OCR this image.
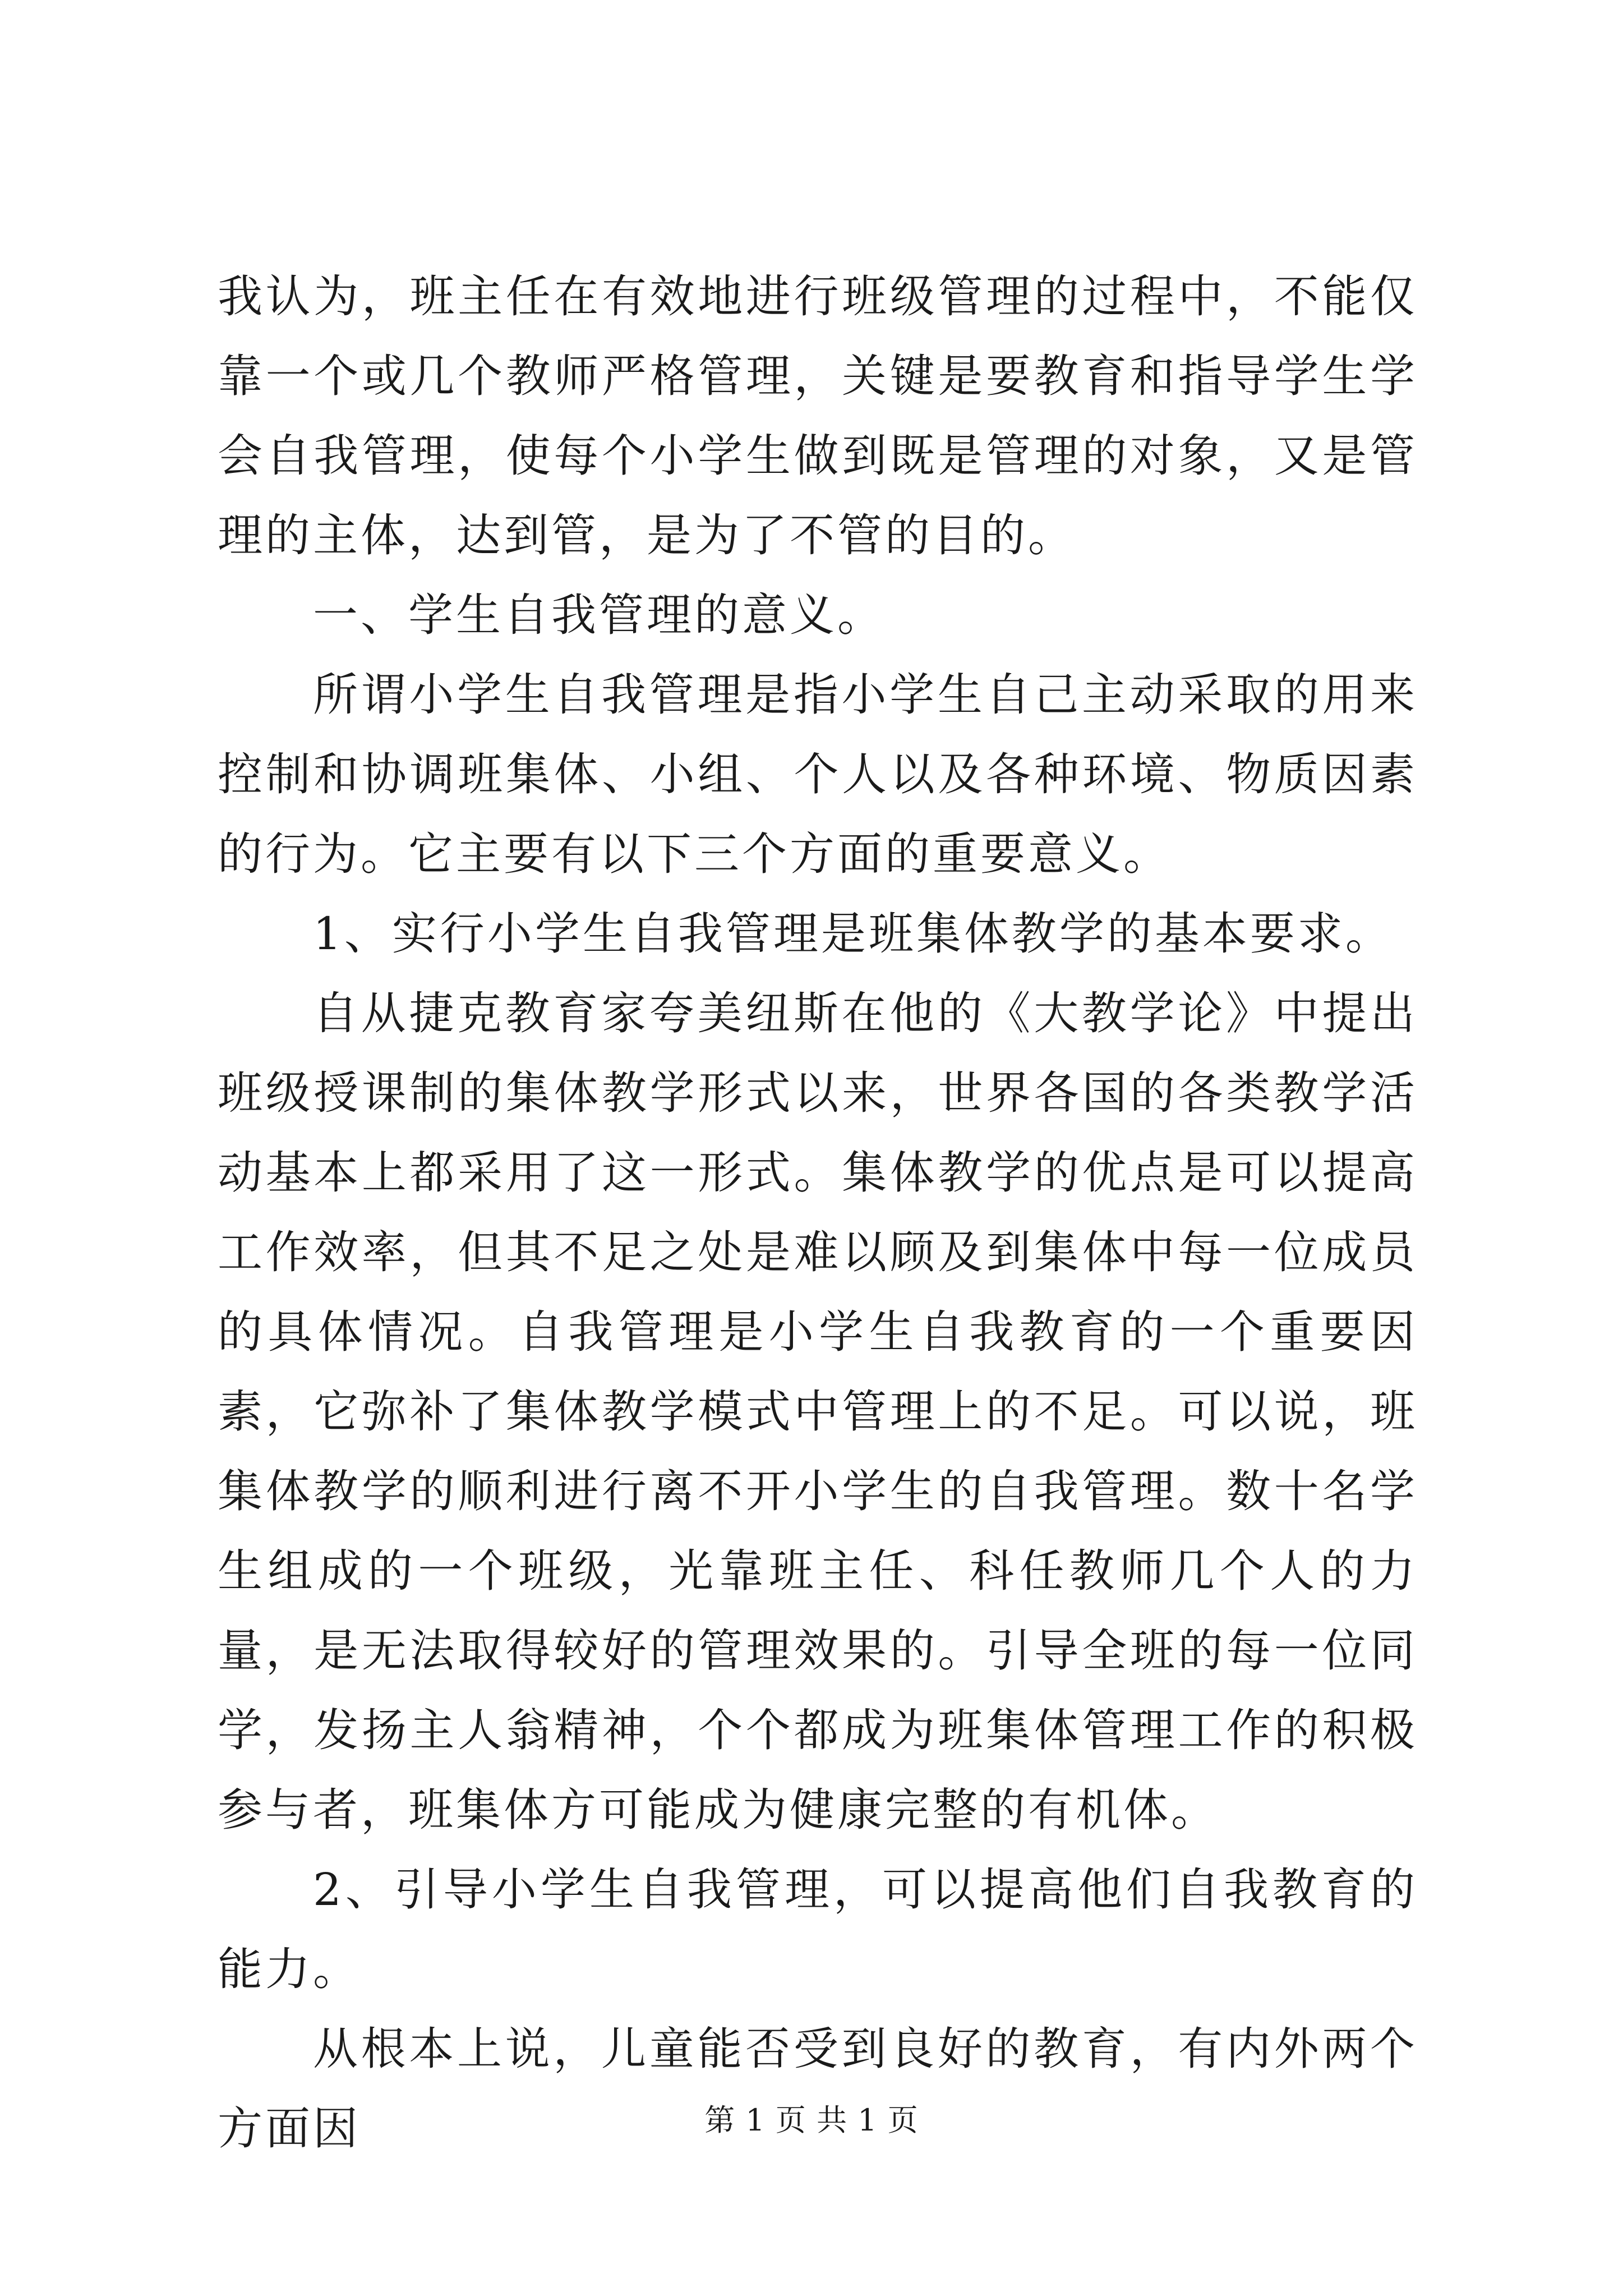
我认为，班主任在有效地进行班级管理的过程中，不能仅靠一个或几个教师严格管理，关键是要教育和指导学生学会自我管理，使每个小学生做到既是管理的对象，又是管理的主体，达到管，是为了不管的目的。

一、学生自我管理的意义。

所谓小学生自我管理是指小学生自己主动采取的用来控制和协调班集体、小组、个人以及各种环境、物质因素的行为。它主要有以下三个方面的重要意义。

1、实行小学生自我管理是班集体教学的基本要求。

自从捷克教育家夸美纽斯在他的《大教学论》中提出班级授课制的集体教学形式以来，世界各国的各类教学活动基本上都采用了这一形式。集体教学的优点是可以提高工作效率，但其不足之处是难以顾及到集体中每一位成员的具体情况。自我管理是小学生自我教育的一个重要因素，它弥补了集体教学模式中管理上的不足。可以说，班集体教学的顺利进行离不开小学生的自我管理。数十名学生组成的一个班级，光靠班主任、科任教师几个人的力量，是无法取得较好的管理效果的。引导全班的每一位同学，发扬主人翁精神，个个都成为班集体管理工作的积极参与者，班集体方可能成为健康完整的有机体。

2、引导小学生自我管理，可以提高他们自我教育的能力。

从根本上说，儿童能否受到良好的教育，有内外两个方面因	第 1 页 共 1 页
